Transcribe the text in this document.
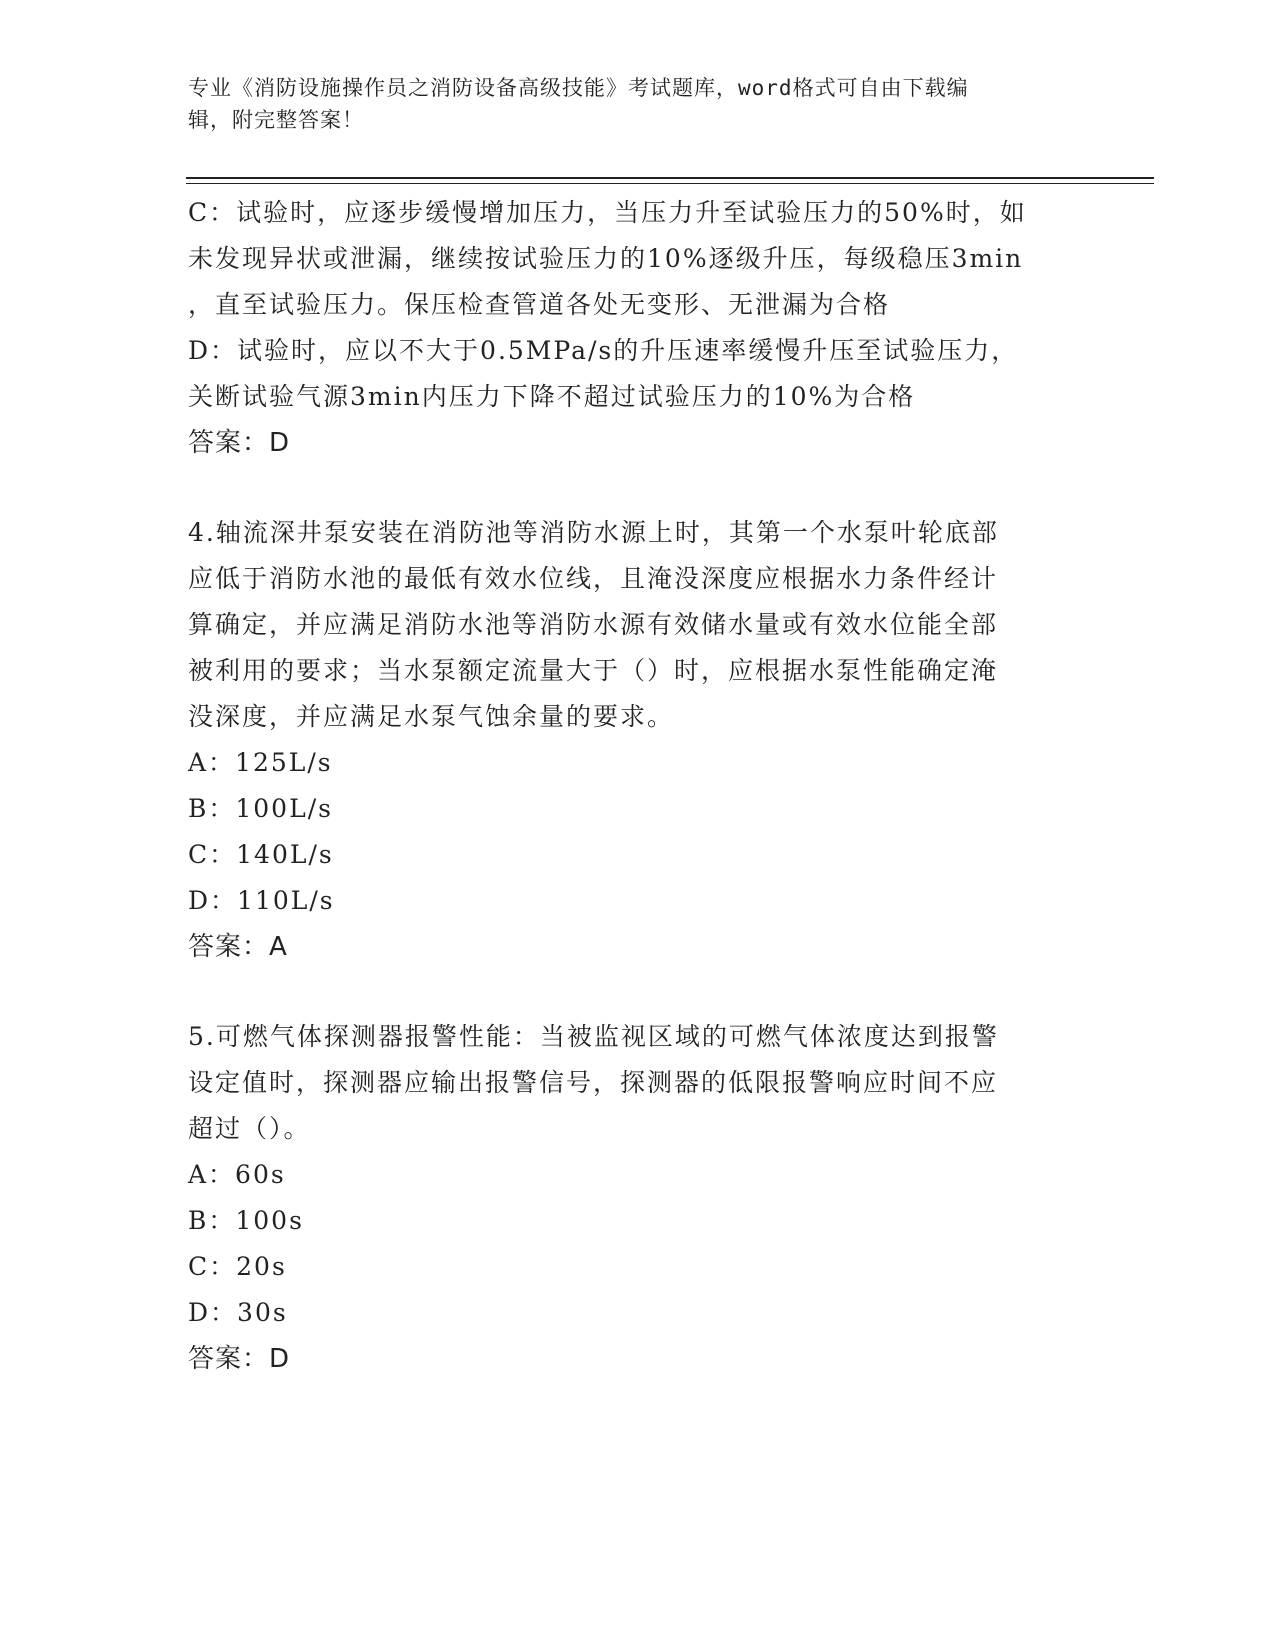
专业《消防设施操作员之消防设备高级技能》考试题库，word格式可自由下载编
辑，附完整答案！
C：试验时，应逐步缓慢增加压力，当压力升至试验压力的50%时，如
未发现异状或泄漏，继续按试验压力的10%逐级升压，每级稳压3min
，直至试验压力。保压检查管道各处无变形、无泄漏为合格
D：试验时，应以不大于0.5MPa/s的升压速率缓慢升压至试验压力，
关断试验气源3min内压力下降不超过试验压力的10%为合格
答案：D
4.轴流深井泵安装在消防池等消防水源上时，其第一个水泵叶轮底部
应低于消防水池的最低有效水位线，且淹没深度应根据水力条件经计
算确定，并应满足消防水池等消防水源有效储水量或有效水位能全部
被利用的要求；当水泵额定流量大于（）时，应根据水泵性能确定淹
没深度，并应满足水泵气蚀余量的要求。
A：125L/s
B：100L/s
C：140L/s
D：110L/s
答案：A
5.可燃气体探测器报警性能：当被监视区域的可燃气体浓度达到报警
设定值时，探测器应输出报警信号，探测器的低限报警响应时间不应
超过（）。
A：60s
B：100s
C：20s
D：30s
答案：D
